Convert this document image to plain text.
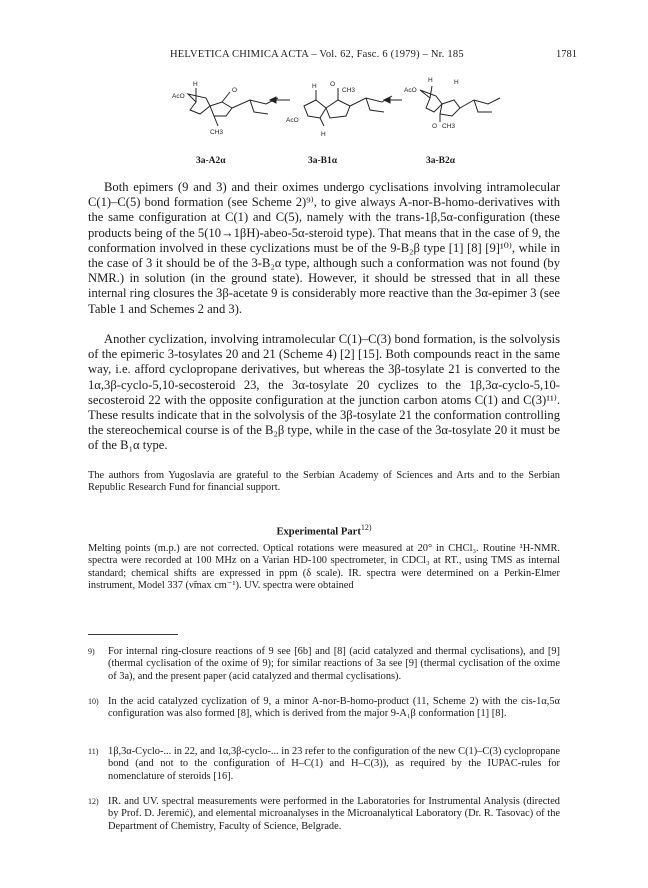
HELVETICA CHIMICA ACTA – Vol. 62, Fasc. 6 (1979) – Nr. 185	1781
AcO
H
O
CH3
AcO
H O
CH3
H
AcO
H	H
O CH3
3a-A2α	3a-B1α	3a-B2α

Both epimers (9 and 3) and their oximes undergo cyclisations involving intramolecular C(1)–C(5) bond formation (see Scheme 2)⁹⁾, to give always A-nor-B-homo-derivatives with the same configuration at C(1) and C(5), namely with the trans-1β,5α-configuration (these products being of the 5(10→1βH)-abeo-5α-steroid type). That means that in the case of 9, the conformation involved in these cyclizations must be of the 9-B₂β type [1] [8] [9]¹⁰⁾, while in the case of 3 it should be of the 3-B₂α type, although such a conformation was not found (by NMR.) in solution (in the ground state). However, it should be stressed that in all these internal ring closures the 3β-acetate 9 is considerably more reactive than the 3α-epimer 3 (see Table 1 and Schemes 2 and 3).

Another cyclization, involving intramolecular C(1)–C(3) bond formation, is the solvolysis of the epimeric 3-tosylates 20 and 21 (Scheme 4) [2] [15]. Both compounds react in the same way, i.e. afford cyclopropane derivatives, but whereas the 3β-tosylate 21 is converted to the 1α,3β-cyclo-5,10-secosteroid 23, the 3α-tosylate 20 cyclizes to the 1β,3α-cyclo-5,10-secosteroid 22 with the opposite configuration at the junction carbon atoms C(1) and C(3)¹¹⁾. These results indicate that in the solvolysis of the 3β-tosylate 21 the conformation controlling the stereochemical course is of the B₂β type, while in the case of the 3α-tosylate 20 it must be of the B₁α type.

The authors from Yugoslavia are grateful to the Serbian Academy of Sciences and Arts and to the Serbian Republic Research Fund for financial support.

Experimental Part$^{12)}$

Melting points (m.p.) are not corrected. Optical rotations were measured at 20° in CHCl₃. Routine ¹H-NMR. spectra were recorded at 100 MHz on a Varian HD-100 spectrometer, in CDCl₃ at RT., using TMS as internal standard; chemical shifts are expressed in ppm (δ scale). IR. spectra were determined on a Perkin-Elmer instrument, Model 337 (ν̃max cm⁻¹). UV. spectra were obtained

$^{9)}$	For internal ring-closure reactions of 9 see [6b] and [8] (acid catalyzed and thermal cyclisations), and [9] (thermal cyclisation of the oxime of 9); for similar reactions of 3a see [9] (thermal cyclisation of the oxime of 3a), and the present paper (acid catalyzed and thermal cyclisations).
$^{10)}$ In the acid catalyzed cyclization of 9, a minor A-nor-B-homo-product (11, Scheme 2) with the cis-1α,5α configuration was also formed [8], which is derived from the major 9-A₁β conformation [1] [8].
$^{11)}$ 1β,3α-Cyclo-... in 22, and 1α,3β-cyclo-... in 23 refer to the configuration of the new C(1)–C(3) cyclopropane bond (and not to the configuration of H–C(1) and H–C(3)), as required by the IUPAC-rules for nomenclature of steroids [16].
$^{12)}$ IR. and UV. spectral measurements were performed in the Laboratories for Instrumental Analysis (directed by Prof. D. Jeremić), and elemental microanalyses in the Microanalytical Laboratory (Dr. R. Tasovac) of the Department of Chemistry, Faculty of Science, Belgrade.
